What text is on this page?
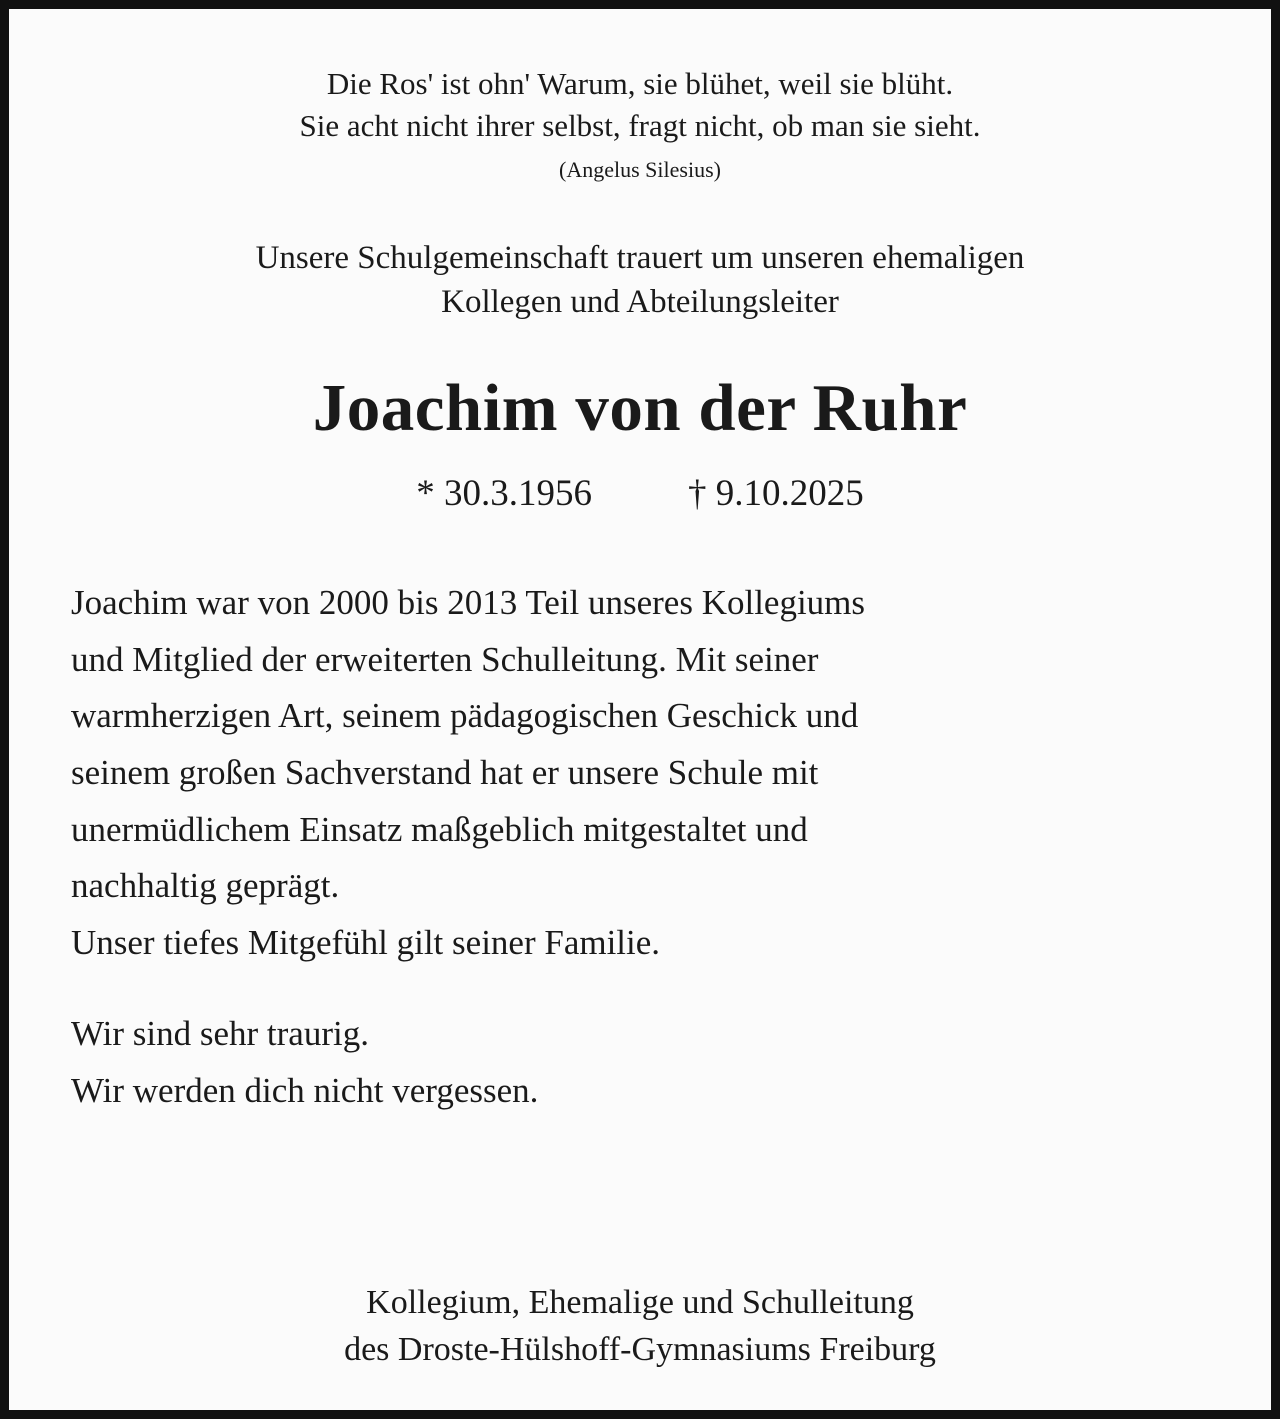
Die Ros' ist ohn' Warum, sie blühet, weil sie blüht.
Sie acht nicht ihrer selbst, fragt nicht, ob man sie sieht.
(Angelus Silesius)
Unsere Schulgemeinschaft trauert um unseren ehemaligen
Kollegen und Abteilungsleiter
Joachim von der Ruhr
* 30.3.1956	† 9.10.2025

Joachim war von 2000 bis 2013 Teil unseres Kollegiums

und Mitglied der erweiterten Schulleitung. Mit seiner

warmherzigen Art, seinem pädagogischen Geschick und

seinem großen Sachverstand hat er unsere Schule mit

unermüdlichem Einsatz maßgeblich mitgestaltet und

nachhaltig geprägt.

Unser tiefes Mitgefühl gilt seiner Familie.

Wir sind sehr traurig.

Wir werden dich nicht vergessen.

Kollegium, Ehemalige und Schulleitung
des Droste-Hülshoff-Gymnasiums Freiburg
